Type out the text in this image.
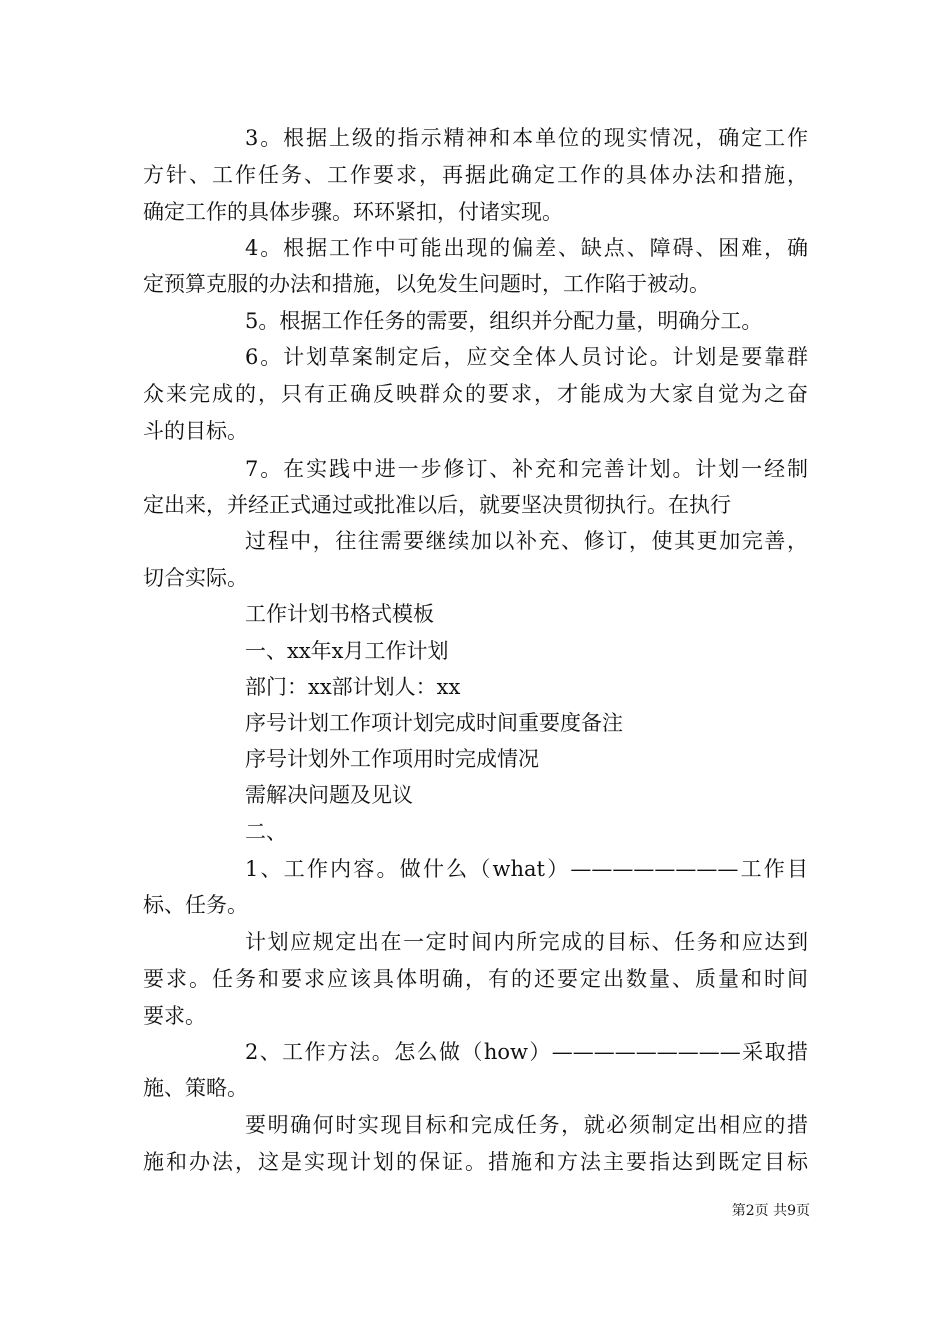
3。根据上级的指示精神和本单位的现实情况，确定工作
方针、工作任务、工作要求，再据此确定工作的具体办法和措施，
确定工作的具体步骤。环环紧扣，付诸实现。
4。根据工作中可能出现的偏差、缺点、障碍、困难，确
定预算克服的办法和措施，以免发生问题时，工作陷于被动。
5。根据工作任务的需要，组织并分配力量，明确分工。
6。计划草案制定后，应交全体人员讨论。计划是要靠群
众来完成的，只有正确反映群众的要求，才能成为大家自觉为之奋
斗的目标。
7。在实践中进一步修订、补充和完善计划。计划一经制
定出来，并经正式通过或批准以后，就要坚决贯彻执行。在执行
过程中，往往需要继续加以补充、修订，使其更加完善，
切合实际。
工作计划书格式模板
一、xx年x月工作计划
部门：xx部计划人：xx
序号计划工作项计划完成时间重要度备注
序号计划外工作项用时完成情况
需解决问题及见议
二、
1、工作内容。做什么（what）————————工作目
标、任务。
计划应规定出在一定时间内所完成的目标、任务和应达到
要求。任务和要求应该具体明确，有的还要定出数量、质量和时间
要求。
2、工作方法。怎么做（how）—————————采取措
施、策略。
要明确何时实现目标和完成任务，就必须制定出相应的措
施和办法，这是实现计划的保证。措施和方法主要指达到既定目标
第2页 共9页
